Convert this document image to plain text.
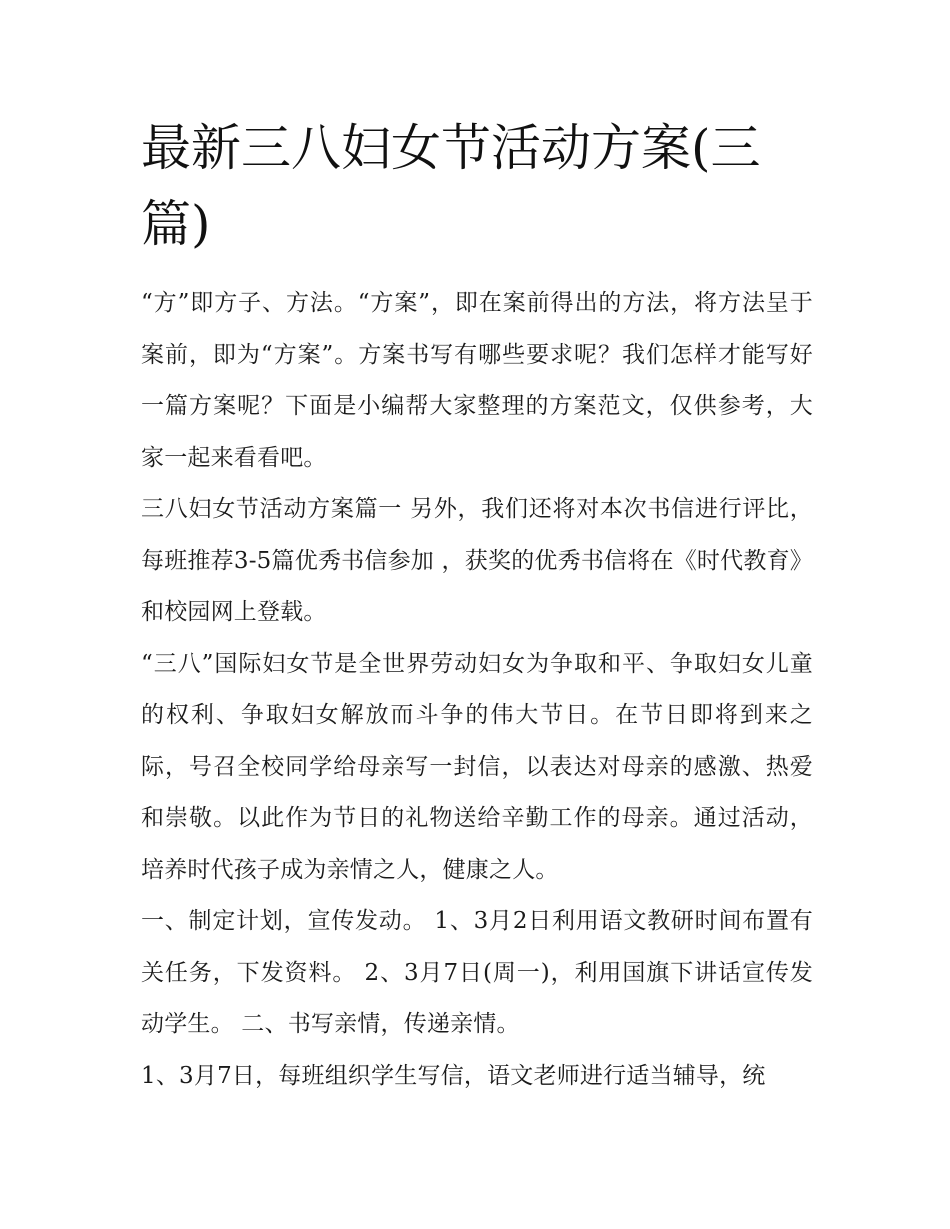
最新三八妇女节活动方案(三篇)

“方”即方子、方法。“方案”，即在案前得出的方法，将方法呈于案前，即为“方案”。方案书写有哪些要求呢？我们怎样才能写好一篇方案呢？下面是小编帮大家整理的方案范文，仅供参考，大家一起来看看吧。

三八妇女节活动方案篇一 另外，我们还将对本次书信进行评比，每班推荐3-5篇优秀书信参加 ，获奖的优秀书信将在《时代教育》和校园网上登载。

“三八”国际妇女节是全世界劳动妇女为争取和平、争取妇女儿童的权利、争取妇女解放而斗争的伟大节日。在节日即将到来之际，号召全校同学给母亲写一封信，以表达对母亲的感激、热爱和崇敬。以此作为节日的礼物送给辛勤工作的母亲。通过活动，培养时代孩子成为亲情之人，健康之人。

一、制定计划，宣传发动。 1、3月2日利用语文教研时间布置有关任务，下发资料。 2、3月7日(周一)，利用国旗下讲话宣传发动学生。 二、书写亲情，传递亲情。

1、3月7日，每班组织学生写信，语文老师进行适当辅导，统
